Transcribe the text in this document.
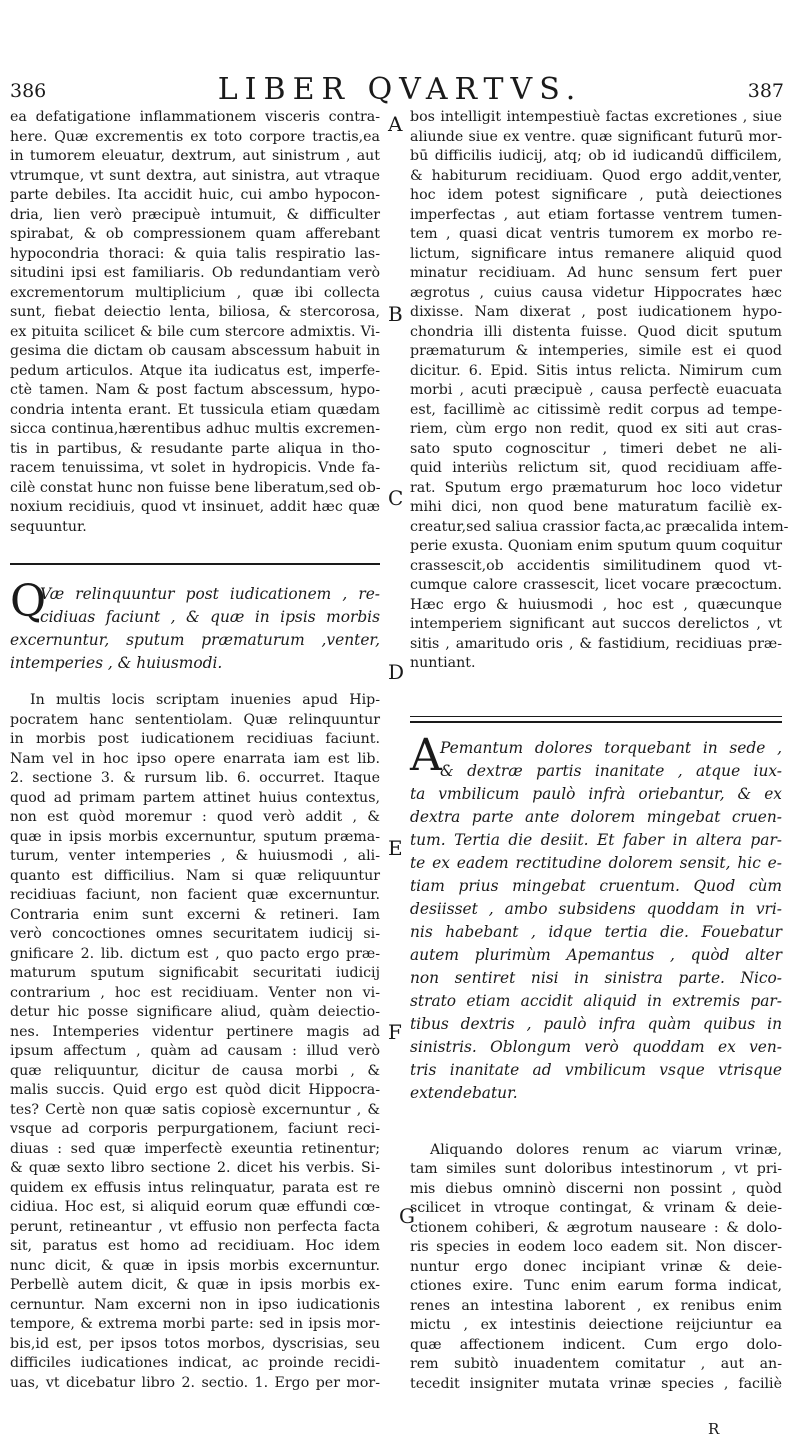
386	LIBER QVARTVS.	387
A
B
C
D
E
F
G
ea defatigatione inflammationem visceris contra-
here. Quæ excrementis ex toto corpore tractis,ea
in tumorem eleuatur, dextrum, aut sinistrum , aut
vtrumque, vt sunt dextra, aut sinistra, aut vtraque
parte debiles. Ita accidit huic, cui ambo hypocon-
dria, lien verò præcipuè intumuit, & difficulter
spirabat, & ob compressionem quam afferebant
hypocondria thoraci: & quia talis respiratio las-
situdini ipsi est familiaris. Ob redundantiam verò
excrementorum multiplicium , quæ ibi collecta
sunt, fiebat deiectio lenta, biliosa, & stercorosa,
ex pituita scilicet & bile cum stercore admixtis. Vi-
gesima die dictam ob causam abscessum habuit in
pedum articulos. Atque ita iudicatus est, imperfe-
ctè tamen. Nam & post factum abscessum, hypo-
condria intenta erant. Et tussicula etiam quædam
sicca continua,hærentibus adhuc multis excremen-
tis in partibus, & resudante parte aliqua in tho-
racem tenuissima, vt solet in hydropicis. Vnde fa-
cilè constat hunc non fuisse bene liberatum,sed ob-
noxium recidiuis, quod vt insinuet, addit hæc quæ
sequuntur.
Q
Væ relinquuntur post iudicationem , re-
cidiuas faciunt , & quæ in ipsis morbis
excernuntur, sputum præmaturum ,venter,
intemperies , & huiusmodi.
In multis locis scriptam inuenies apud Hip-
pocratem hanc sententiolam. Quæ relinquuntur
in morbis post iudicationem recidiuas faciunt.
Nam vel in hoc ipso opere enarrata iam est lib.
2. sectione 3. & rursum lib. 6. occurret. Itaque
quod ad primam partem attinet huius contextus,
non est quòd moremur : quod verò addit , &
quæ in ipsis morbis excernuntur, sputum præma-
turum, venter intemperies , & huiusmodi , ali-
quanto est difficilius. Nam si quæ reliquuntur
recidiuas faciunt, non facient quæ excernuntur.
Contraria enim sunt excerni & retineri. Iam
verò concoctiones omnes securitatem iudicij si-
gnificare 2. lib. dictum est , quo pacto ergo præ-
maturum sputum significabit securitati iudicij
contrarium , hoc est recidiuam. Venter non vi-
detur hic posse significare aliud, quàm deiectio-
nes. Intemperies videntur pertinere magis ad
ipsum affectum , quàm ad causam : illud verò
quæ reliquuntur, dicitur de causa morbi , &
malis succis. Quid ergo est quòd dicit Hippocra-
tes? Certè non quæ satis copiosè excernuntur , &
vsque ad corporis perpurgationem, faciunt reci-
diuas : sed quæ imperfectè exeuntia retinentur;
& quæ sexto libro sectione 2. dicet his verbis. Si-
quidem ex effusis intus relinquatur, parata est re
cidiua. Hoc est, si aliquid eorum quæ effundi cœ-
perunt, retineantur , vt effusio non perfecta facta
sit, paratus est homo ad recidiuam. Hoc idem
nunc dicit, & quæ in ipsis morbis excernuntur.
Perbellè autem dicit, & quæ in ipsis morbis ex-
cernuntur. Nam excerni non in ipso iudicationis
tempore, & extrema morbi parte: sed in ipsis mor-
bis,id est, per ipsos totos morbos, dyscrisias, seu
difficiles iudicationes indicat, ac proinde recidi-
uas, vt dicebatur libro 2. sectio. 1. Ergo per mor-
bos intelligit intempestiuè factas excretiones , siue
aliunde siue ex ventre. quæ significant futurū mor-
bū difficilis iudicij, atq; ob id iudicandū difficilem,
& habiturum recidiuam. Quod ergo addit,venter,
hoc idem potest significare , putà deiectiones
imperfectas , aut etiam fortasse ventrem tumen-
tem , quasi dicat ventris tumorem ex morbo re-
lictum, significare intus remanere aliquid quod
minatur recidiuam. Ad hunc sensum fert puer
ægrotus , cuius causa videtur Hippocrates hæc
dixisse. Nam dixerat , post iudicationem hypo-
chondria illi distenta fuisse. Quod dicit sputum
præmaturum & intemperies, simile est ei quod
dicitur. 6. Epid. Sitis intus relicta. Nimirum cum
morbi , acuti præcipuè , causa perfectè euacuata
est, facillimè ac citissimè redit corpus ad tempe-
riem, cùm ergo non redit, quod ex siti aut cras-
sato sputo cognoscitur , timeri debet ne ali-
quid interiùs relictum sit, quod recidiuam affe-
rat. Sputum ergo præmaturum hoc loco videtur
mihi dici, non quod bene maturatum faciliè ex-
creatur,sed saliua crassior facta,ac præcalida intem-
perie exusta. Quoniam enim sputum quum coquitur
crassescit,ob accidentis similitudinem quod vt-
cumque calore crassescit, licet vocare præcoctum.
Hæc ergo & huiusmodi , hoc est , quæcunque
intemperiem significant aut succos derelictos , vt
sitis , amaritudo oris , & fastidium, recidiuas præ-
nuntiant.
A
Pemantum dolores torquebant in sede ,
& dextræ partis inanitate , atque iux-
ta vmbilicum paulò infrà oriebantur, & ex
dextra parte ante dolorem mingebat cruen-
tum. Tertia die desiit. Et faber in altera par-
te ex eadem rectitudine dolorem sensit, hic e-
tiam prius mingebat cruentum. Quod cùm
desiisset , ambo subsidens quoddam in vri-
nis habebant , idque tertia die. Fouebatur
autem plurimùm Apemantus , quòd alter
non sentiret nisi in sinistra parte. Nico-
strato etiam accidit aliquid in extremis par-
tibus dextris , paulò infra quàm quibus in
sinistris. Oblongum verò quoddam ex ven-
tris inanitate ad vmbilicum vsque vtrisque
extendebatur.
Aliquando dolores renum ac viarum vrinæ,
tam similes sunt doloribus intestinorum , vt pri-
mis diebus omninò discerni non possint , quòd
scilicet in vtroque contingat, & vrinam & deie-
ctionem cohiberi, & ægrotum nauseare : & dolo-
ris species in eodem loco eadem sit. Non discer-
nuntur ergo donec incipiant vrinæ & deie-
ctiones exire. Tunc enim earum forma indicat,
renes an intestina laborent , ex renibus enim
mictu , ex intestinis deiectione reijciuntur ea
quæ affectionem indicent. Cum ergo dolo-
rem subitò inuadentem comitatur , aut an-
tecedit insigniter mutata vrinæ species , faciliè
R
